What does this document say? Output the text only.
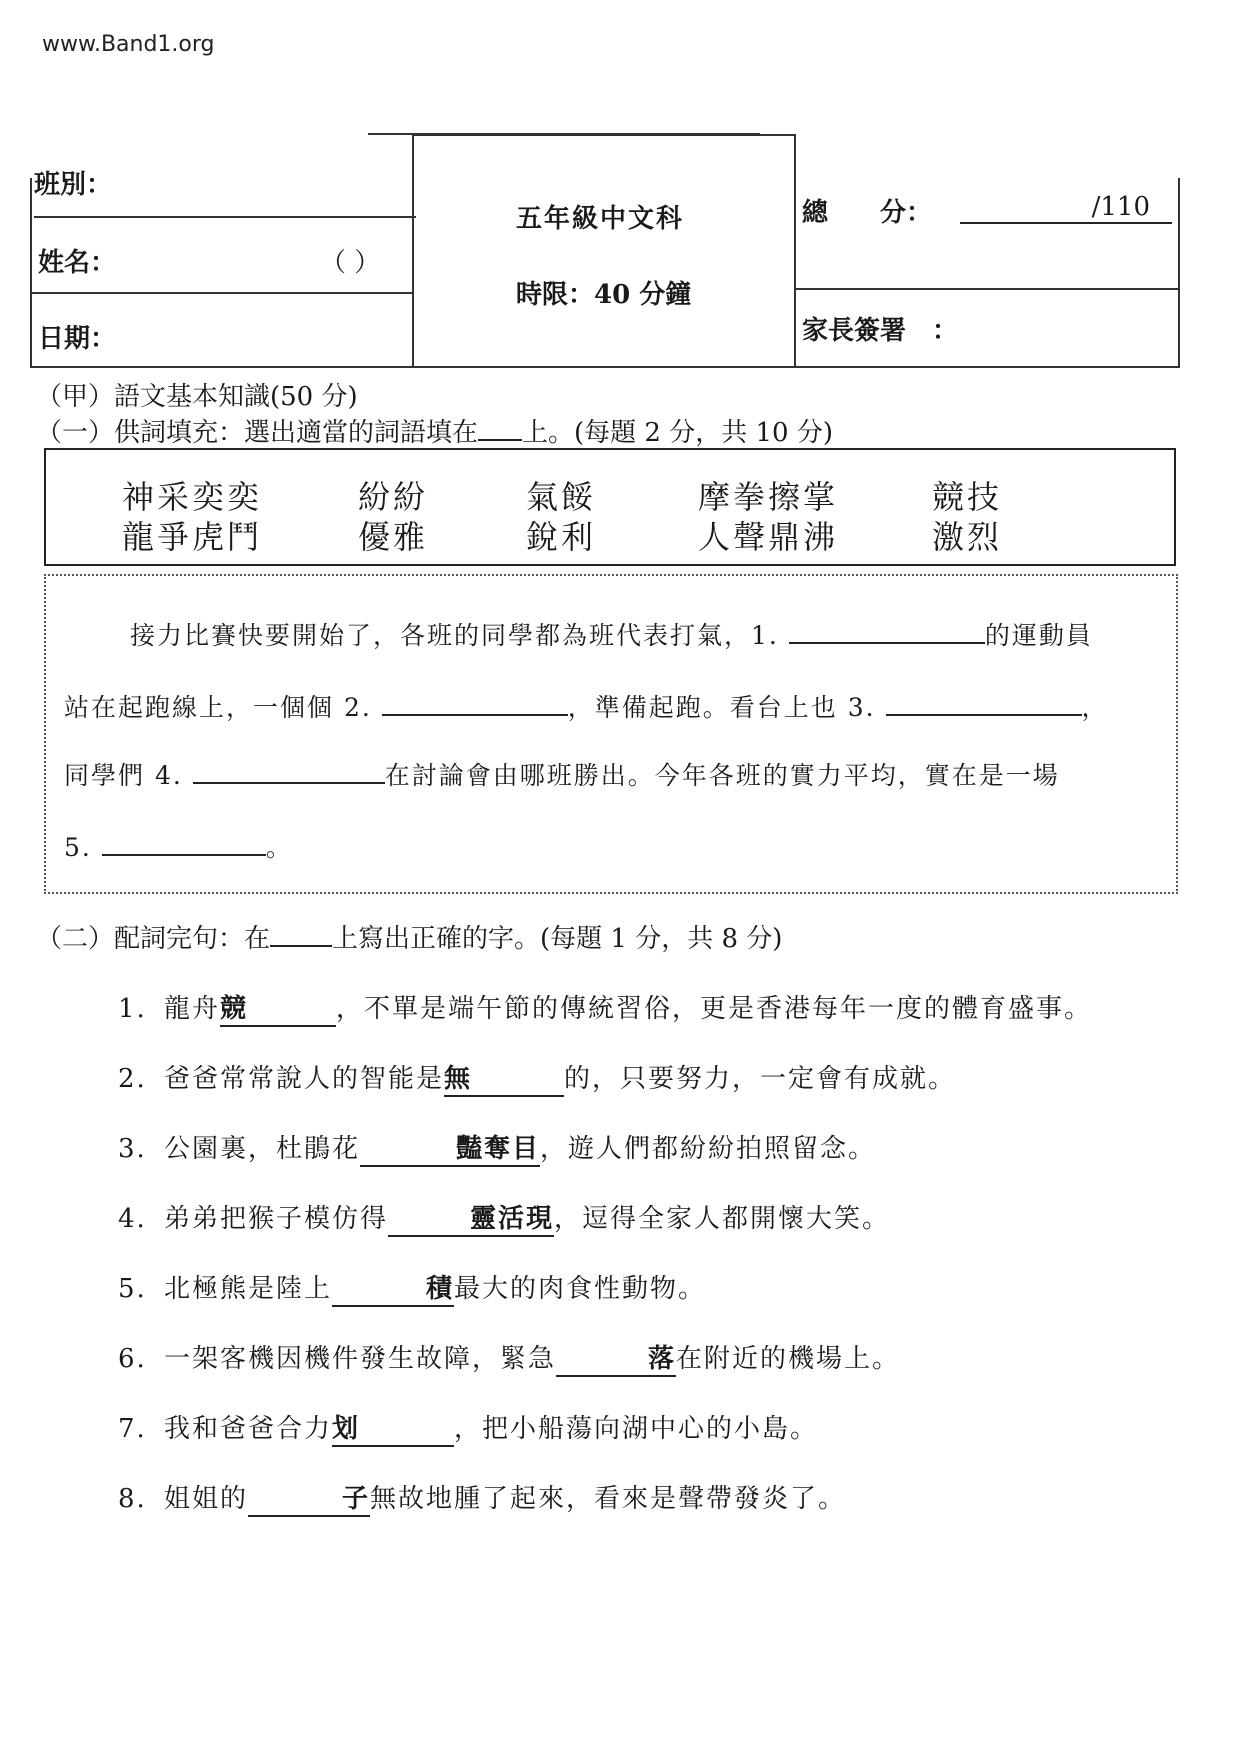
www.Band1.org
班別：
姓名：	（ ）
日期：
五年級中文科
時限：40 分鐘
總　　分：	/110
家長簽署　：
（甲）語文基本知識(50 分)
（一）供詞填充：選出適當的詞語填在 上。(每題 2 分，共 10 分)
神采奕奕	紛紛	氣餒	摩拳擦掌	競技
龍爭虎鬥	優雅	銳利	人聲鼎沸	激烈
接力比賽快要開始了，各班的同學都為班代表打氣，1.	的運動員
站在起跑線上，一個個 2.	，準備起跑。看台上也 3.	，
同學們 4.	在討論會由哪班勝出。今年各班的實力平均，實在是一場
5.	。
（二）配詞完句：在 上寫出正確的字。(每題 1 分，共 8 分)
1. 龍舟競	，不單是端午節的傳統習俗，更是香港每年一度的體育盛事。
2. 爸爸常常說人的智能是無	的，只要努力，一定會有成就。
3. 公園裏，杜鵑花	豔奪目，遊人們都紛紛拍照留念。
4. 弟弟把猴子模仿得	靈活現，逗得全家人都開懷大笑。
5. 北極熊是陸上	積最大的肉食性動物。
6. 一架客機因機件發生故障，緊急	落在附近的機場上。
7. 我和爸爸合力划	，把小船蕩向湖中心的小島。
8. 姐姐的	子無故地腫了起來，看來是聲帶發炎了。
